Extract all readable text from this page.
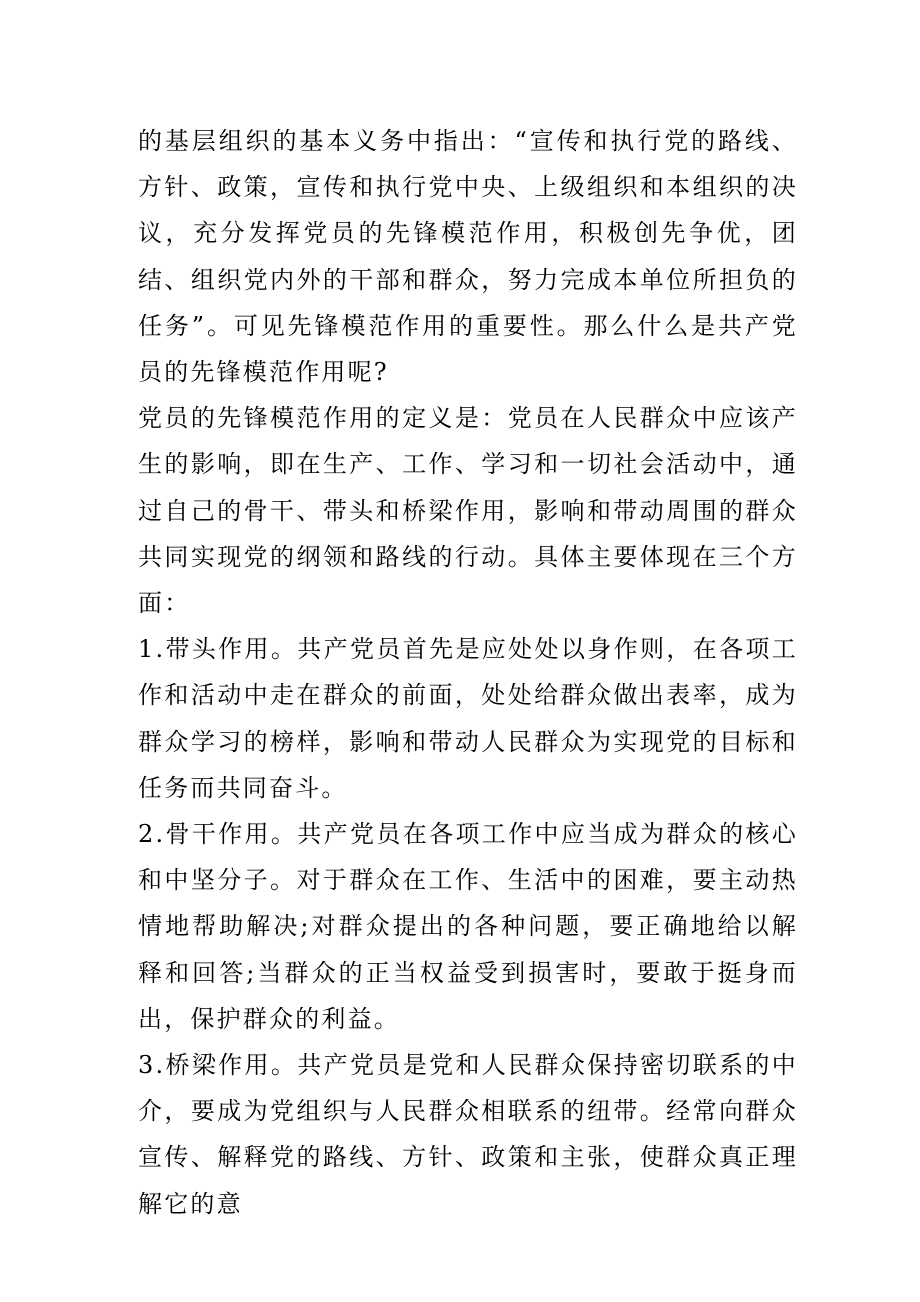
的基层组织的基本义务中指出：“宣传和执行党的路线、方针、政策，宣传和执行党中央、上级组织和本组织的决议，充分发挥党员的先锋模范作用，积极创先争优，团结、组织党内外的干部和群众，努力完成本单位所担负的任务”。可见先锋模范作用的重要性。那么什么是共产党员的先锋模范作用呢?

党员的先锋模范作用的定义是：党员在人民群众中应该产生的影响，即在生产、工作、学习和一切社会活动中，通过自己的骨干、带头和桥梁作用，影响和带动周围的群众共同实现党的纲领和路线的行动。具体主要体现在三个方面：

1.带头作用。共产党员首先是应处处以身作则，在各项工作和活动中走在群众的前面，处处给群众做出表率，成为群众学习的榜样，影响和带动人民群众为实现党的目标和任务而共同奋斗。

2.骨干作用。共产党员在各项工作中应当成为群众的核心和中坚分子。对于群众在工作、生活中的困难，要主动热情地帮助解决;对群众提出的各种问题，要正确地给以解释和回答;当群众的正当权益受到损害时，要敢于挺身而出，保护群众的利益。

3.桥梁作用。共产党员是党和人民群众保持密切联系的中介，要成为党组织与人民群众相联系的纽带。经常向群众宣传、解释党的路线、方针、政策和主张，使群众真正理解它的意
